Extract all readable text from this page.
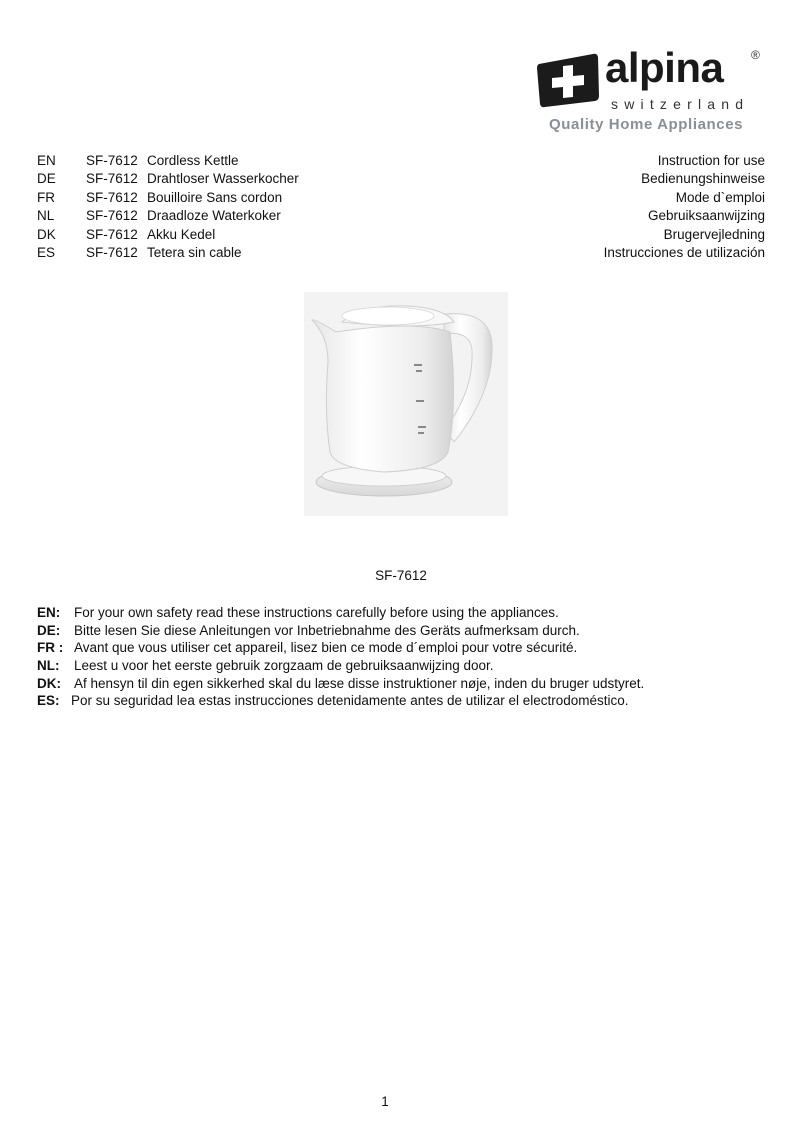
alpina ®
switzerland
Quality Home Appliances
EN SF-7612 Cordless Kettle	Instruction for use
DE SF-7612 Drahtloser Wasserkocher	Bedienungshinweise
FR SF-7612 Bouilloire Sans cordon	Mode d`emploi
NL SF-7612 Draadloze Waterkoker	Gebruiksaanwijzing
DK SF-7612 Akku Kedel	Brugervejledning
ES SF-7612 Tetera sin cable	Instrucciones de utilización
SF-7612
EN: For your own safety read these instructions carefully before using the appliances.
DE: Bitte lesen Sie diese Anleitungen vor Inbetriebnahme des Geräts aufmerksam durch.
FR : Avant que vous utiliser cet appareil, lisez bien ce mode d´emploi pour votre sécurité.
NL: Leest u voor het eerste gebruik zorgzaam de gebruiksaanwijzing door.
DK: Af hensyn til din egen sikkerhed skal du læse disse instruktioner nøje, inden du bruger udstyret.
ES: Por su seguridad lea estas instrucciones detenidamente antes de utilizar el electrodoméstico.
1
